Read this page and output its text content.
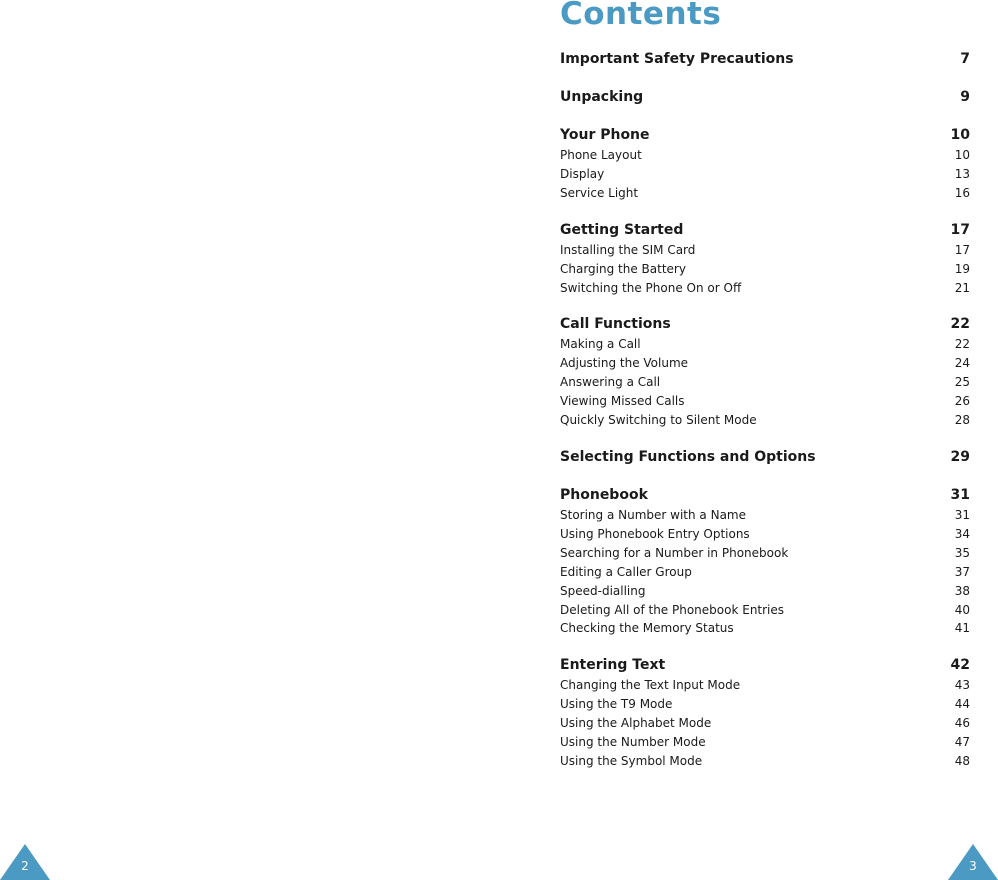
Contents
Important Safety Precautions	7
Unpacking	9
Your Phone	10
Phone Layout	10
Display	13
Service Light	16
Getting Started	17
Installing the SIM Card	17
Charging the Battery	19
Switching the Phone On or Off	21
Call Functions	22
Making a Call	22
Adjusting the Volume	24
Answering a Call	25
Viewing Missed Calls	26
Quickly Switching to Silent Mode	28
Selecting Functions and Options	29
Phonebook	31
Storing a Number with a Name	31
Using Phonebook Entry Options	34
Searching for a Number in Phonebook	35
Editing a Caller Group	37
Speed-dialling	38
Deleting All of the Phonebook Entries	40
Checking the Memory Status	41
Entering Text	42
Changing the Text Input Mode	43
Using the T9 Mode	44
Using the Alphabet Mode	46
Using the Number Mode	47
Using the Symbol Mode	48
2	3
